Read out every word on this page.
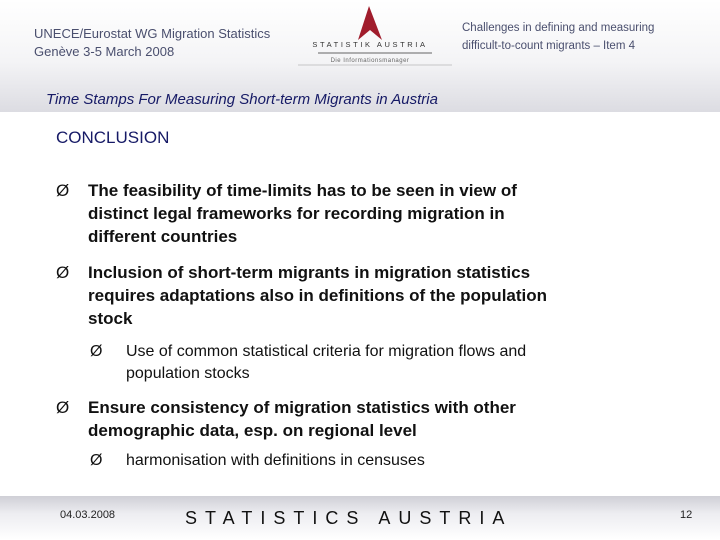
UNECE/Eurostat WG Migration Statistics
Genève 3-5 March 2008	STATISTIK AUSTRIA
Die Informationsmanager
Challenges in defining and measuring
difficult-to-count migrants – Item 4
Time Stamps For Measuring Short-term Migrants in Austria
CONCLUSION
Ø The feasibility of time-limits has to be seen in view of
distinct legal frameworks for recording migration in
different countries
Ø Inclusion of short-term migrants in migration statistics
requires adaptations also in definitions of the population
stock
Ø Use of common statistical criteria for migration flows and
population stocks
Ø Ensure consistency of migration statistics with other
demographic data, esp. on regional level
Ø harmonisation with definitions in censuses
04.03.2008	STATISTICS AUSTRIA	12
